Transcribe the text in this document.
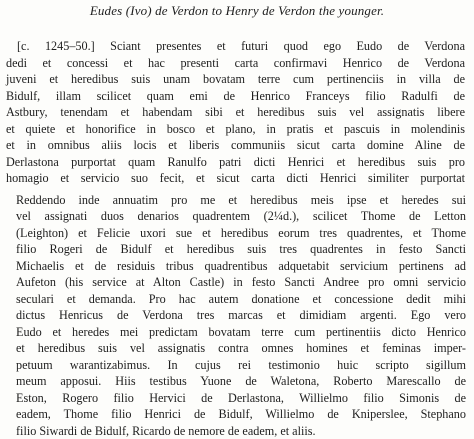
Eudes (Ivo) de Verdon to Henry de Verdon the younger.
[c. 1245–50.] Sciant presentes et futuri quod ego Eudo de Verdona
dedi et concessi et hac presenti carta confirmavi Henrico de Verdona
juveni et heredibus suis unam bovatam terre cum pertinenciis in villa de
Bidulf, illam scilicet quam emi de Henrico Franceys filio Radulfi de
Astbury, tenendam et habendam sibi et heredibus suis vel assignatis libere
et quiete et honorifice in bosco et plano, in pratis et pascuis in molendinis
et in omnibus aliis locis et liberis communiis sicut carta domine Aline de
Derlastona purportat quam Ranulfo patri dicti Henrici et heredibus suis pro
homagio et servicio suo fecit, et sicut carta dicti Henrici similiter purportat
Reddendo inde annuatim pro me et heredibus meis ipse et heredes sui
vel assignati duos denarios quadrentem (2¼d.), scilicet Thome de Letton
(Leighton) et Felicie uxori sue et heredibus eorum tres quadrentes, et Thome
filio Rogeri de Bidulf et heredibus suis tres quadrentes in festo Sancti
Michaelis et de residuis tribus quadrentibus adquetabit servicium pertinens ad
Aufeton (his service at Alton Castle) in festo Sancti Andree pro omni servicio
seculari et demanda. Pro hac autem donatione et concessione dedit mihi
dictus Henricus de Verdona tres marcas et dimidiam argenti. Ego vero
Eudo et heredes mei predictam bovatam terre cum pertinentiis dicto Henrico
et heredibus suis vel assignatis contra omnes homines et feminas imper-
petuum warantizabimus. In cujus rei testimonio huic scripto sigillum
meum apposui. Hiis testibus Yuone de Waletona, Roberto Marescallo de
Eston, Rogero filio Hervici de Derlastona, Willielmo filio Simonis de
eadem, Thome filio Henrici de Bidulf, Willielmo de Kniperslee, Stephano
filio Siwardi de Bidulf, Ricardo de nemore de eadem, et aliis.
